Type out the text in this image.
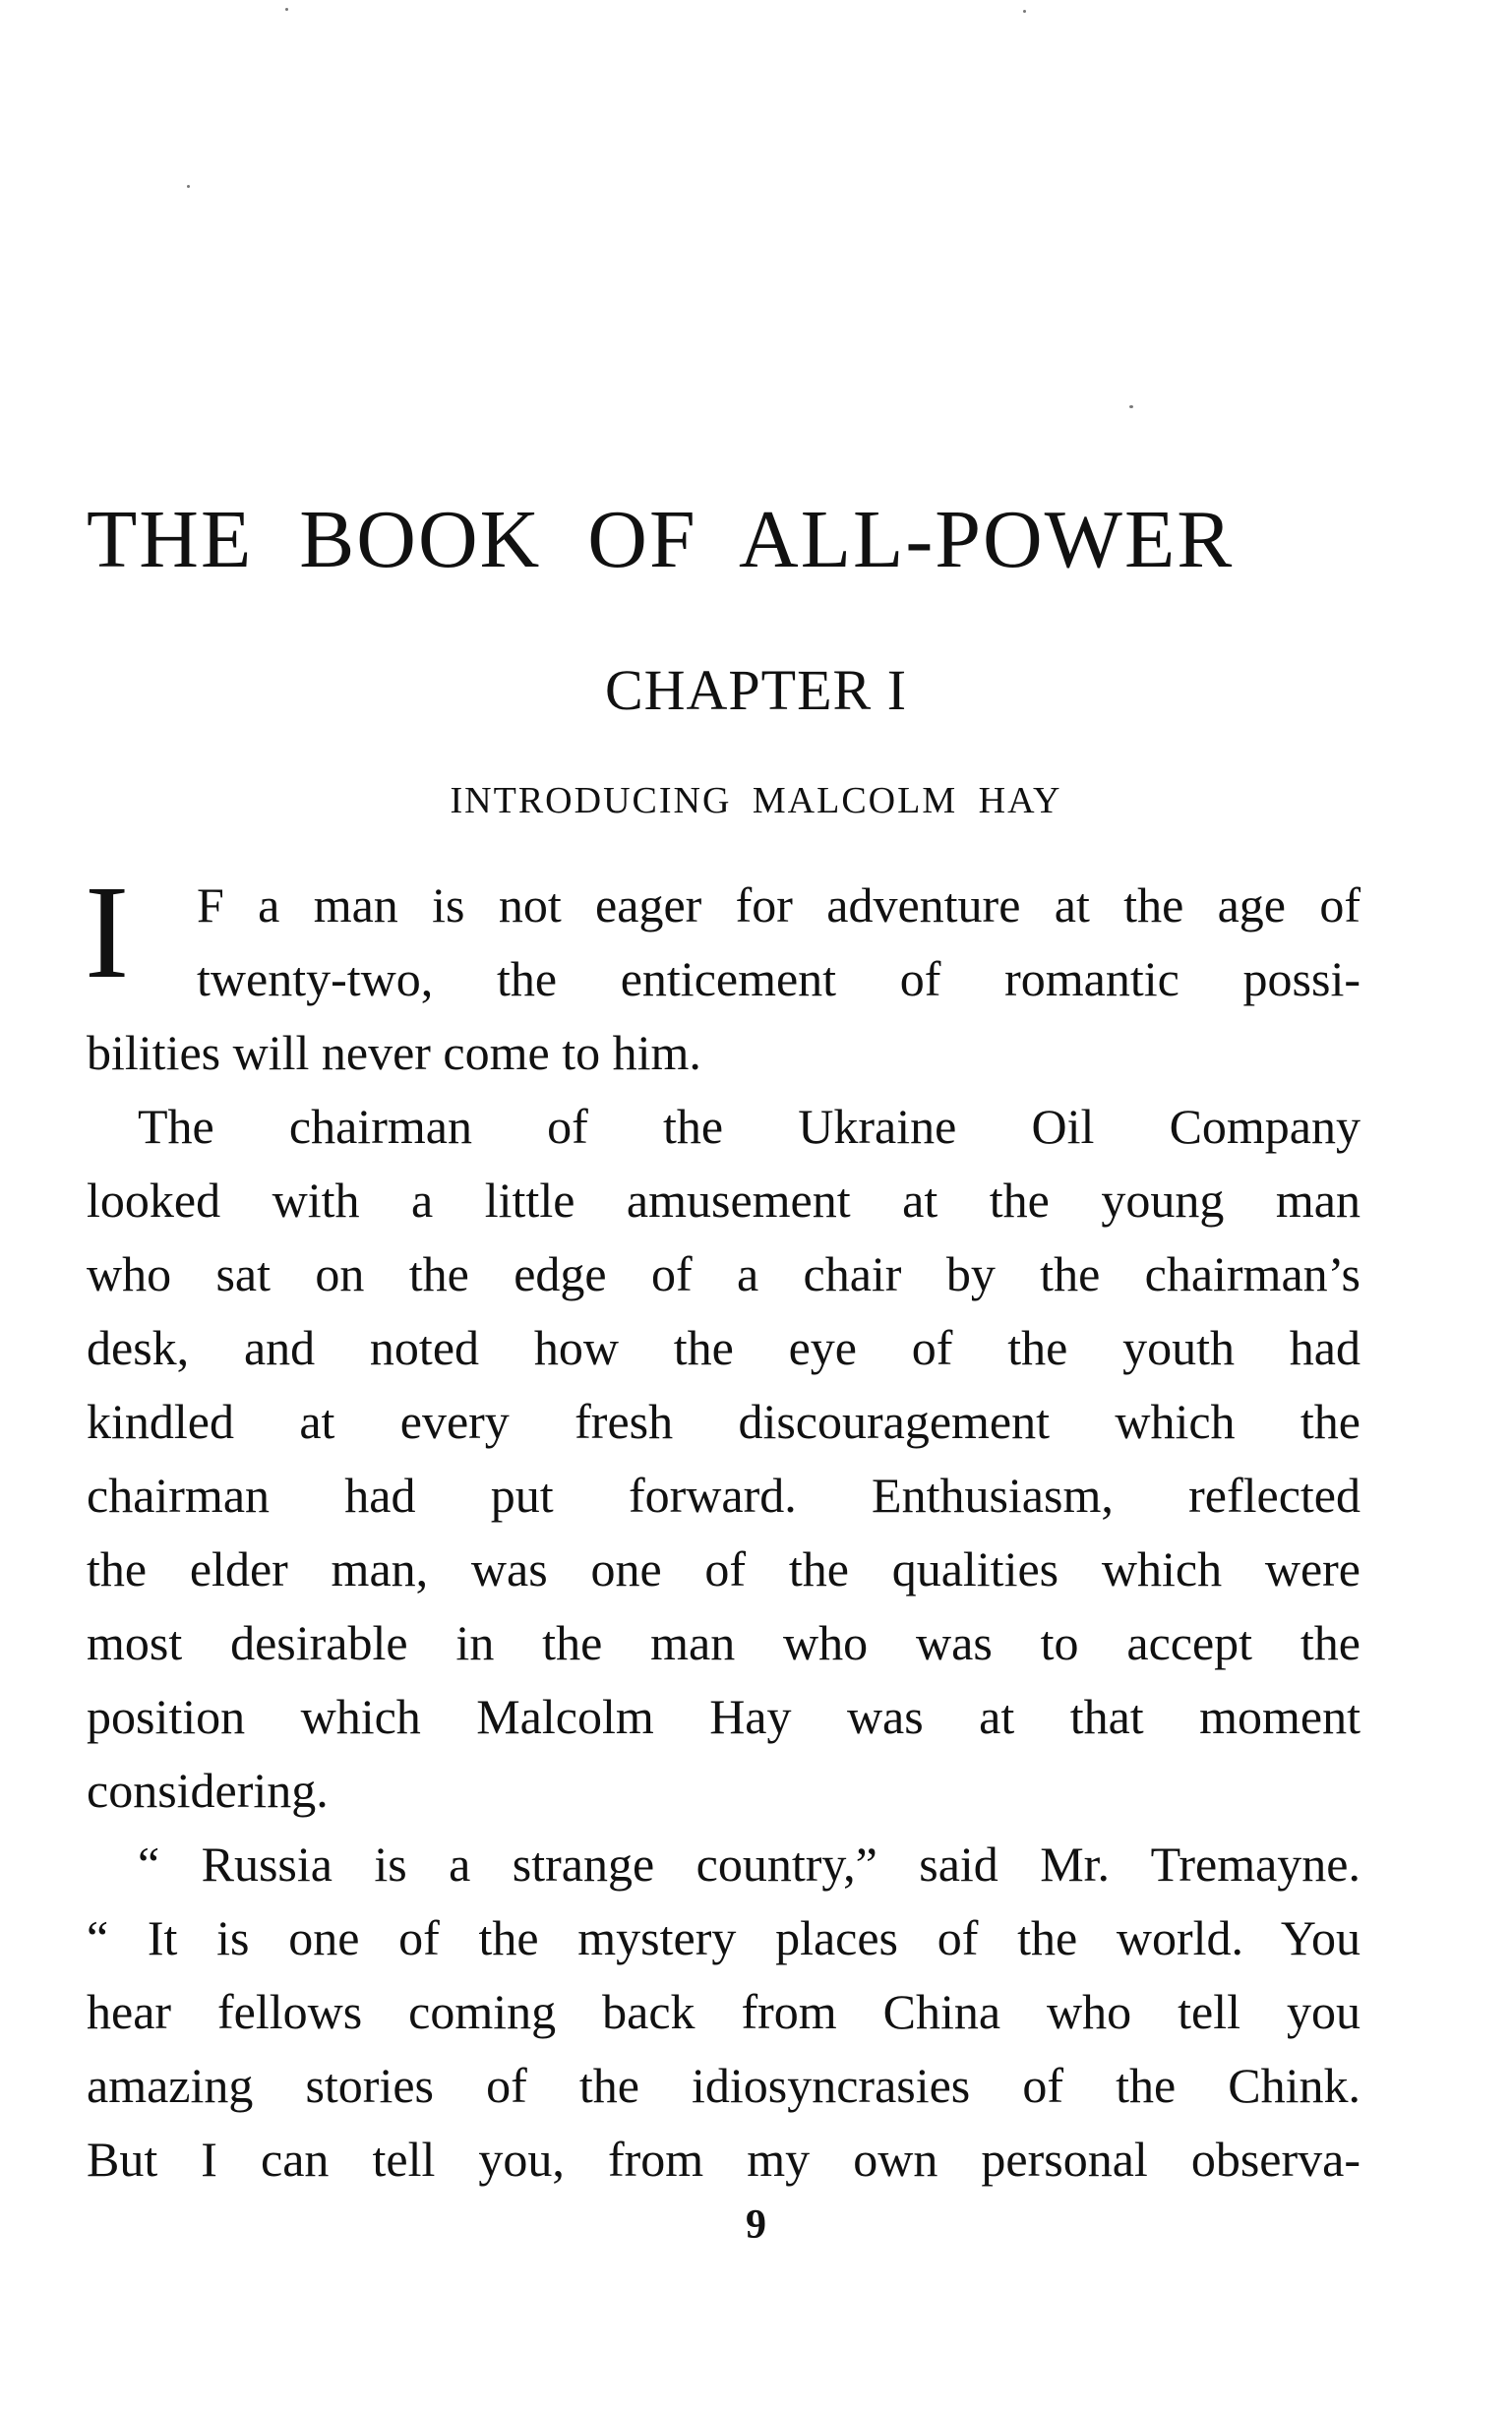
THE BOOK OF ALL-POWER
CHAPTER I
INTRODUCING MALCOLM HAY
I F a man is not eager for adventure at the age of
twenty-two, the enticement of romantic possi-
bilities will never come to him.
The chairman of the Ukraine Oil Company
looked with a little amusement at the young man
who sat on the edge of a chair by the chairman’s
desk, and noted how the eye of the youth had
kindled at every fresh discouragement which the
chairman had put forward. Enthusiasm, reflected
the elder man, was one of the qualities which were
most desirable in the man who was to accept the
position which Malcolm Hay was at that moment
considering.
“ Russia is a strange country,” said Mr. Tremayne.
“ It is one of the mystery places of the world. You
hear fellows coming back from China who tell you
amazing stories of the idiosyncrasies of the Chink.
But I can tell you, from my own personal observa-
9
